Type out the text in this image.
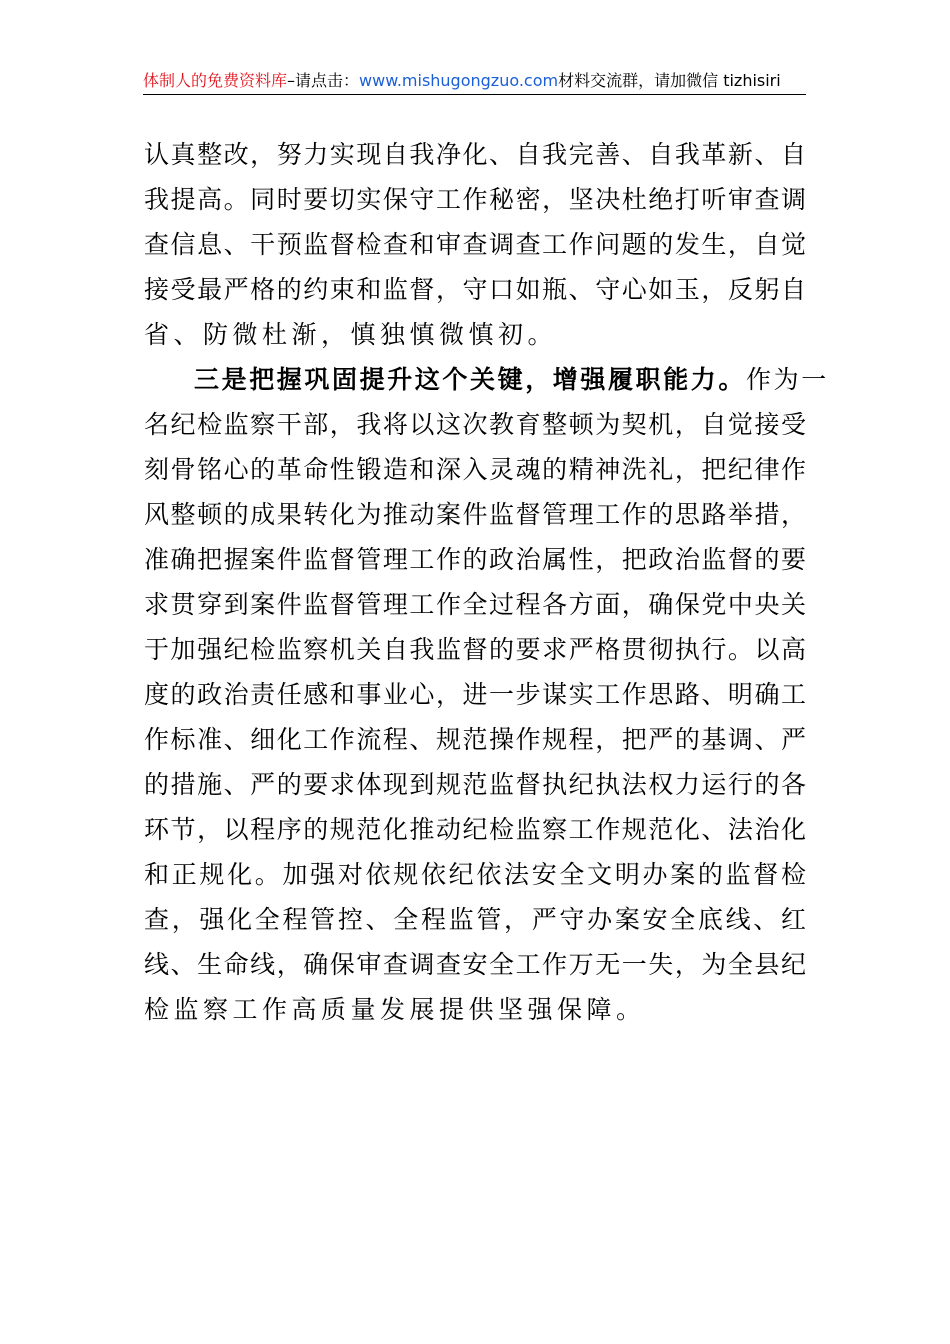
体制人的免费资料库–请点击：www.mishugongzuo.com材料交流群，请加微信 tizhisiri
认真整改，努力实现自我净化、自我完善、自我革新、自
我提高。同时要切实保守工作秘密，坚决杜绝打听审查调
查信息、干预监督检查和审查调查工作问题的发生，自觉
接受最严格的约束和监督，守口如瓶、守心如玉，反躬自
省、防微杜渐，慎独慎微慎初。
三是把握巩固提升这个关键，增强履职能力。作为一
名纪检监察干部，我将以这次教育整顿为契机，自觉接受
刻骨铭心的革命性锻造和深入灵魂的精神洗礼，把纪律作
风整顿的成果转化为推动案件监督管理工作的思路举措，
准确把握案件监督管理工作的政治属性，把政治监督的要
求贯穿到案件监督管理工作全过程各方面，确保党中央关
于加强纪检监察机关自我监督的要求严格贯彻执行。以高
度的政治责任感和事业心，进一步谋实工作思路、明确工
作标准、细化工作流程、规范操作规程，把严的基调、严
的措施、严的要求体现到规范监督执纪执法权力运行的各
环节，以程序的规范化推动纪检监察工作规范化、法治化
和正规化。加强对依规依纪依法安全文明办案的监督检
查，强化全程管控、全程监管，严守办案安全底线、红
线、生命线，确保审查调查安全工作万无一失，为全县纪
检监察工作高质量发展提供坚强保障。
